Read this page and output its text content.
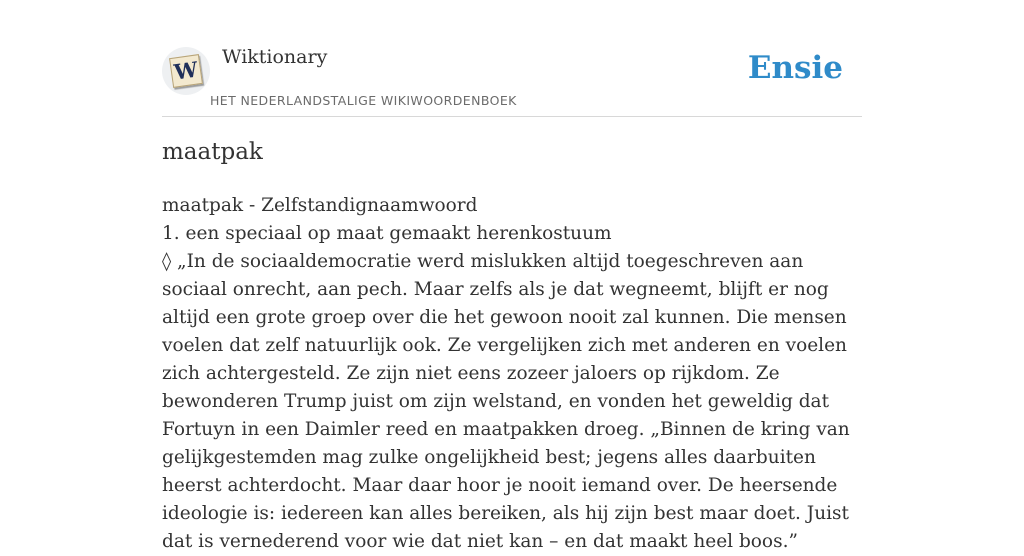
W Wiktionary
HET NEDERLANDSTALIGE WIKIWOORDENBOEK
Ensie
maatpak

maatpak - Zelfstandignaamwoord

1. een speciaal op maat gemaakt herenkostuum

◊ „In de sociaaldemocratie werd mislukken altijd toegeschreven aan sociaal onrecht, aan pech. Maar zelfs als je dat wegneemt, blijft er nog altijd een grote groep over die het gewoon nooit zal kunnen. Die mensen voelen dat zelf natuurlijk ook. Ze vergelijken zich met anderen en voelen zich achtergesteld. Ze zijn niet eens zozeer jaloers op rijkdom. Ze bewonderen Trump juist om zijn welstand, en vonden het geweldig dat Fortuyn in een Daimler reed en maatpakken droeg. „Binnen de kring van gelijkgestemden mag zulke ongelijkheid best; jegens alles daarbuiten heerst achterdocht. Maar daar hoor je nooit iemand over. De heersende ideologie is: iedereen kan alles bereiken, als hij zijn best maar doet. Juist dat is vernederend voor wie dat niet kan – en dat maakt heel boos.”
